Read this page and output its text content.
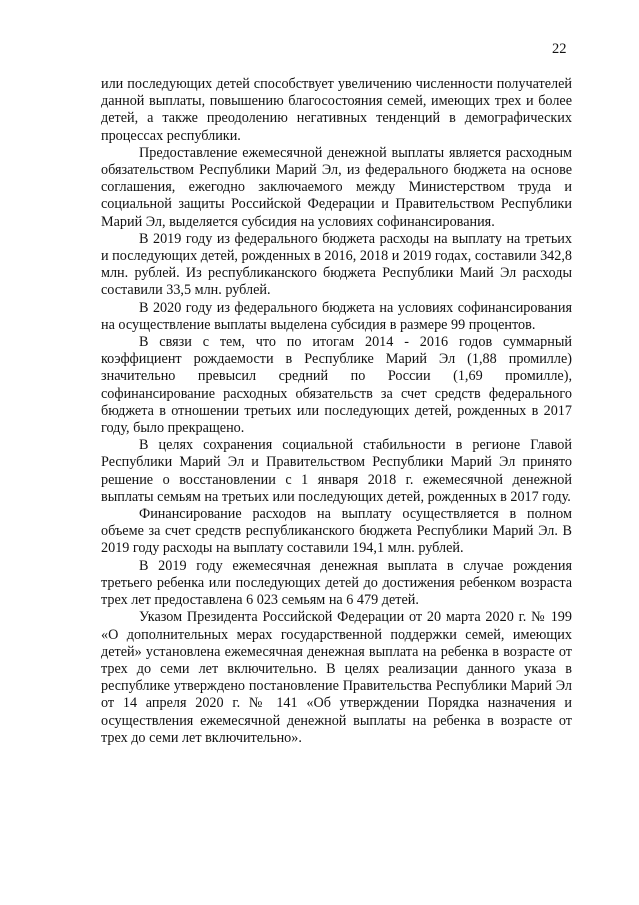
22

или последующих детей способствует увеличению численности получателей данной выплаты, повышению благосостояния семей, имеющих трех и более детей, а также преодолению негативных тенденций в демографических процессах республики.

Предоставление ежемесячной денежной выплаты является расходным обязательством Республики Марий Эл, из федерального бюджета на основе соглашения, ежегодно заключаемого между Министерством труда и социальной защиты Российской Федерации и Правительством Республики Марий Эл, выделяется субсидия на условиях софинансирования.

В 2019 году из федерального бюджета расходы на выплату на третьих и последующих детей, рожденных в 2016, 2018 и 2019 годах, составили 342,8 млн. рублей. Из республиканского бюджета Республики Маий Эл расходы составили 33,5 млн. рублей.

В 2020 году из федерального бюджета на условиях софинансирования на осуществление выплаты выделена субсидия в размере 99 процентов.

В связи с тем, что по итогам 2014 - 2016 годов суммарный коэффициент рождаемости в Республике Марий Эл (1,88 промилле) значительно превысил средний по России (1,69 промилле), софинансирование расходных обязательств за счет средств федерального бюджета в отношении третьих или последующих детей, рожденных в 2017 году, было прекращено.

В целях сохранения социальной стабильности в регионе Главой Республики Марий Эл и Правительством Республики Марий Эл принято решение о восстановлении с 1 января 2018 г. ежемесячной денежной выплаты семьям на третьих или последующих детей, рожденных в 2017 году.

Финансирование расходов на выплату осуществляется в полном объеме за счет средств республиканского бюджета Республики Марий Эл. В 2019 году расходы на выплату составили 194,1 млн. рублей.

В 2019 году ежемесячная денежная выплата в случае рождения третьего ребенка или последующих детей до достижения ребенком возраста трех лет предоставлена 6 023 семьям на 6 479 детей.

Указом Президента Российской Федерации от 20 марта 2020 г. № 199 «О дополнительных мерах государственной поддержки семей, имеющих детей» установлена ежемесячная денежная выплата на ребенка в возрасте от трех до семи лет включительно. В целях реализации данного указа в республике утверждено постановление Правительства Республики Марий Эл от 14 апреля 2020 г. № 141 «Об утверждении Порядка назначения и осуществления ежемесячной денежной выплаты на ребенка в возрасте от трех до семи лет включительно».
